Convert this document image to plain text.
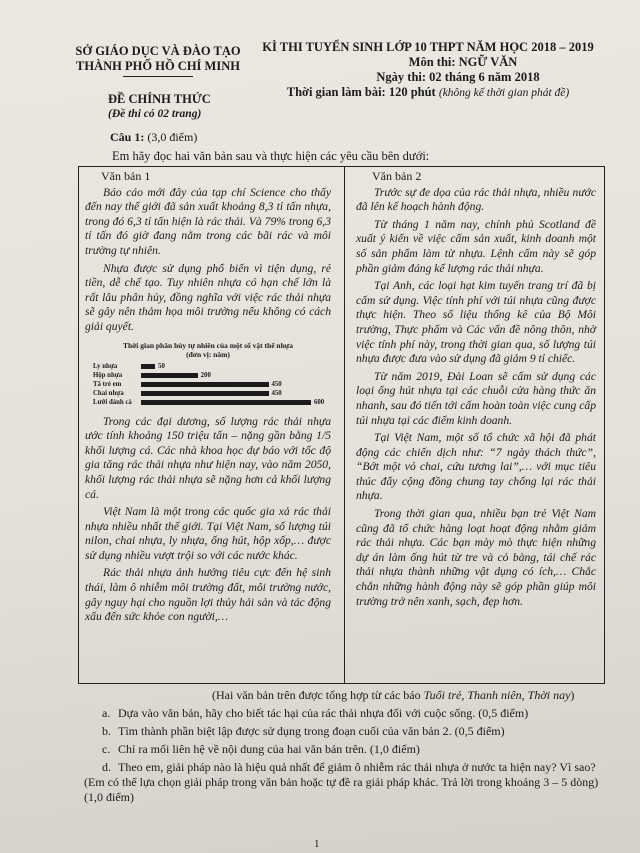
SỞ GIÁO DỤC VÀ ĐÀO TẠO
THÀNH PHỐ HỒ CHÍ MINH
KÌ THI TUYỂN SINH LỚP 10 THPT NĂM HỌC 2018 – 2019
Môn thi: NGỮ VĂN
Ngày thi: 02 tháng 6 năm 2018
Thời gian làm bài: 120 phút (không kể thời gian phát đề)
ĐỀ CHÍNH THỨC
(Đề thi có 02 trang)
Câu 1: (3,0 điểm)
Em hãy đọc hai văn bản sau và thực hiện các yêu cầu bên dưới:
Văn bản 1

Báo cáo mới đây của tạp chí Science cho thấy đến nay thế giới đã sản xuất khoảng 8,3 tỉ tấn nhựa, trong đó 6,3 tỉ tấn hiện là rác thải. Và 79% trong 6,3 tỉ tấn đó giờ đang nằm trong các bãi rác và môi trường tự nhiên.

Nhựa được sử dụng phổ biến vì tiện dụng, rẻ tiền, dễ chế tạo. Tuy nhiên nhựa có hạn chế lớn là rất lâu phân hủy, đồng nghĩa với việc rác thải nhựa sẽ gây nên thảm họa môi trường nếu không có cách giải quyết.

Thời gian phân hủy tự nhiên của một số vật thể nhựa
(đơn vị: năm)
Ly nhựa	50
Hộp nhựa	200
Tã trẻ em	450
Chai nhựa	450
Lưới đánh cá	600

Trong các đại dương, số lượng rác thải nhựa ước tính khoảng 150 triệu tấn – nặng gần bằng 1/5 khối lượng cá. Các nhà khoa học dự báo với tốc độ gia tăng rác thải nhựa như hiện nay, vào năm 2050, khối lượng rác thải nhựa sẽ nặng hơn cả khối lượng cá.

Việt Nam là một trong các quốc gia xả rác thải nhựa nhiều nhất thế giới. Tại Việt Nam, số lượng túi nilon, chai nhựa, ly nhựa, ống hút, hộp xốp,… được sử dụng nhiều vượt trội so với các nước khác.

Rác thải nhựa ảnh hưởng tiêu cực đến hệ sinh thái, làm ô nhiễm môi trường đất, môi trường nước, gây nguy hại cho nguồn lợi thủy hải sản và tác động xấu đến sức khỏe con người,…

Văn bản 2

Trước sự đe dọa của rác thải nhựa, nhiều nước đã lên kế hoạch hành động.

Từ tháng 1 năm nay, chính phủ Scotland đề xuất ý kiến về việc cấm sản xuất, kinh doanh một số sản phẩm làm từ nhựa. Lệnh cấm này sẽ góp phần giảm đáng kể lượng rác thải nhựa.

Tại Anh, các loại hạt kim tuyến trang trí đã bị cấm sử dụng. Việc tính phí với túi nhựa cũng được thực hiện. Theo số liệu thống kê của Bộ Môi trường, Thực phẩm và Các vấn đề nông thôn, nhờ việc tính phí này, trong thời gian qua, số lượng túi nhựa được đưa vào sử dụng đã giảm 9 tỉ chiếc.

Từ năm 2019, Đài Loan sẽ cấm sử dụng các loại ống hút nhựa tại các chuỗi cửa hàng thức ăn nhanh, sau đó tiến tới cấm hoàn toàn việc cung cấp túi nhựa tại các điểm kinh doanh.

Tại Việt Nam, một số tổ chức xã hội đã phát động các chiến dịch như: “7 ngày thách thức”, “Bớt một vỏ chai, cứu tương lai”,… với mục tiêu thúc đẩy cộng đồng chung tay chống lại rác thải nhựa.

Trong thời gian qua, nhiều bạn trẻ Việt Nam cũng đã tổ chức hàng loạt hoạt động nhằm giảm rác thải nhựa. Các bạn mày mò thực hiện những dự án làm ống hút từ tre và cỏ bàng, tái chế rác thải nhựa thành những vật dụng có ích,… Chắc chắn những hành động này sẽ góp phần giúp môi trường trở nên xanh, sạch, đẹp hơn.

(Hai văn bản trên được tổng hợp từ các báo Tuổi trẻ, Thanh niên, Thời nay)
a. Dựa vào văn bản, hãy cho biết tác hại của rác thải nhựa đối với cuộc sống. (0,5 điểm)
b. Tìm thành phần biệt lập được sử dụng trong đoạn cuối của văn bản 2. (0,5 điểm)
c. Chỉ ra mối liên hệ về nội dung của hai văn bản trên. (1,0 điểm)
d. Theo em, giải pháp nào là hiệu quả nhất để giảm ô nhiễm rác thải nhựa ở nước ta hiện nay? Vì sao? (Em có thể lựa chọn giải pháp trong văn bản hoặc tự đề ra giải pháp khác. Trả lời trong khoảng 3 – 5 dòng) (1,0 điểm)
1
